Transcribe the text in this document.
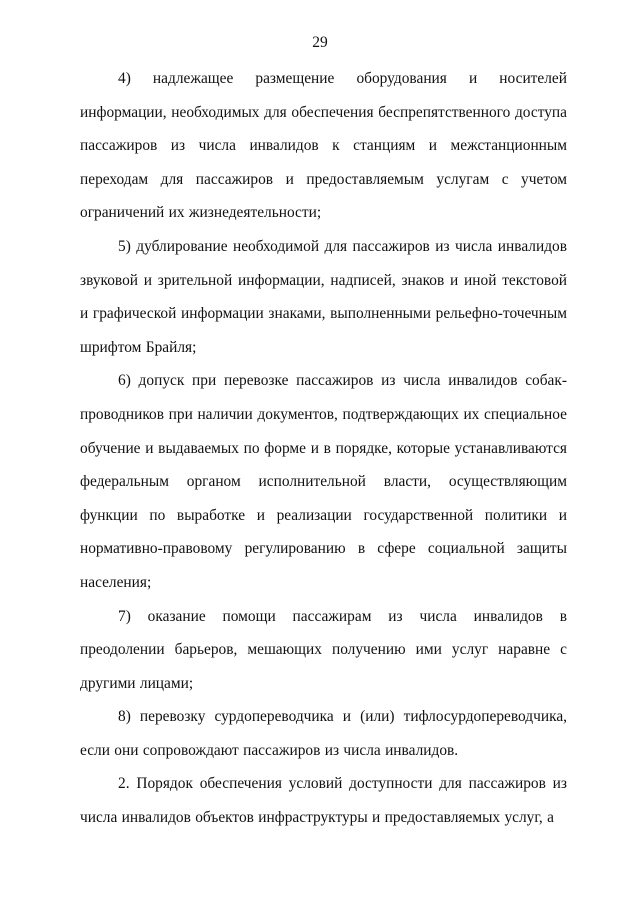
29

4) надлежащее размещение оборудования и носителей информации, необходимых для обеспечения беспрепятственного доступа пассажиров из числа инвалидов к станциям и межстанционным переходам для пассажиров и предоставляемым услугам с учетом ограничений их жизнедеятельности;

5) дублирование необходимой для пассажиров из числа инвалидов звуковой и зрительной информации, надписей, знаков и иной текстовой и графической информации знаками, выполненными рельефно-точечным шрифтом Брайля;

6) допуск при перевозке пассажиров из числа инвалидов собак-проводников при наличии документов, подтверждающих их специальное обучение и выдаваемых по форме и в порядке, которые устанавливаются федеральным органом исполнительной власти, осуществляющим функции по выработке и реализации государственной политики и нормативно-правовому регулированию в сфере социальной защиты населения;

7) оказание помощи пассажирам из числа инвалидов в преодолении барьеров, мешающих получению ими услуг наравне с другими лицами;

8) перевозку сурдопереводчика и (или) тифлосурдопереводчика, если они сопровождают пассажиров из числа инвалидов.

2. Порядок обеспечения условий доступности для пассажиров из числа инвалидов объектов инфраструктуры и предоставляемых услуг, а
